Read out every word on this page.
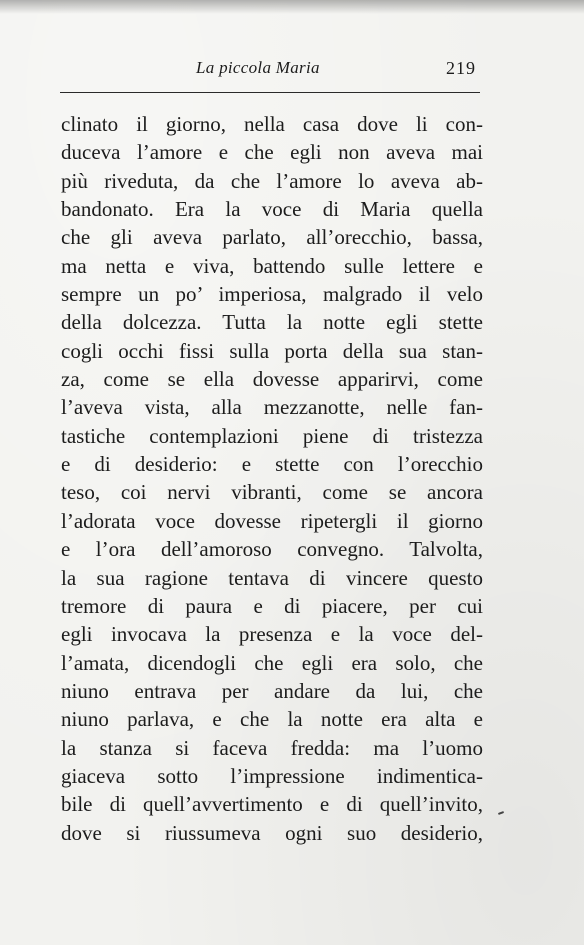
La piccola Maria	219
clinato il giorno, nella casa dove li con-
duceva l’amore e che egli non aveva mai
più riveduta, da che l’amore lo aveva ab-
bandonato. Era la voce di Maria quella
che gli aveva parlato, all’orecchio, bassa,
ma netta e viva, battendo sulle lettere e
sempre un po’ imperiosa, malgrado il velo
della dolcezza. Tutta la notte egli stette
cogli occhi fissi sulla porta della sua stan-
za, come se ella dovesse apparirvi, come
l’aveva vista, alla mezzanotte, nelle fan-
tastiche contemplazioni piene di tristezza
e di desiderio: e stette con l’orecchio
teso, coi nervi vibranti, come se ancora
l’adorata voce dovesse ripetergli il giorno
e l’ora dell’amoroso convegno. Talvolta,
la sua ragione tentava di vincere questo
tremore di paura e di piacere, per cui
egli invocava la presenza e la voce del-
l’amata, dicendogli che egli era solo, che
niuno entrava per andare da lui, che
niuno parlava, e che la notte era alta e
la stanza si faceva fredda: ma l’uomo
giaceva sotto l’impressione indimentica-
bile di quell’avvertimento e di quell’invito,
dove si riussumeva ogni suo desiderio,
